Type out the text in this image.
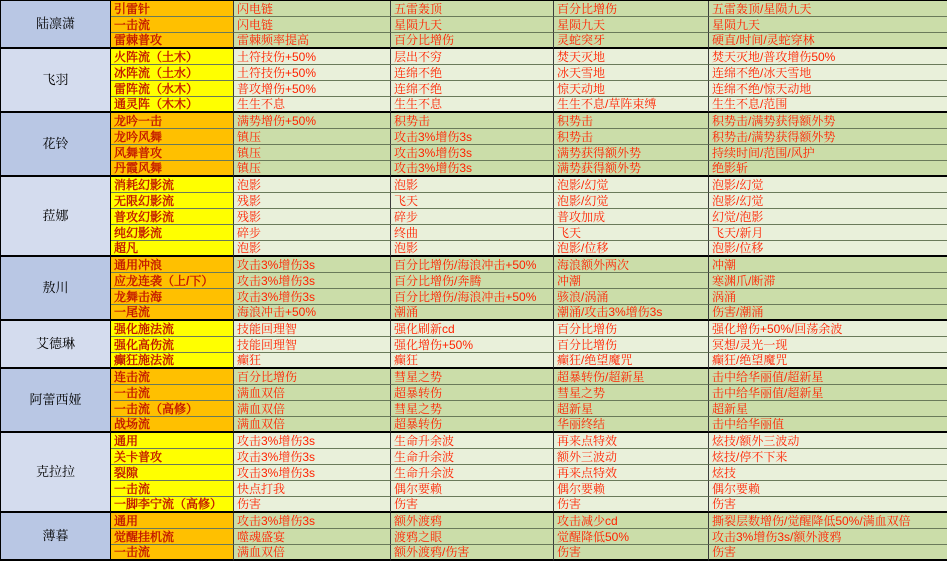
陆凛潇
引雷针	闪电链	五雷轰顶	百分比增伤	五雷轰顶/星陨九天
一击流	闪电链	星陨九天	星陨九天	星陨九天
雷棘普攻	雷棘频率提高	百分比增伤	灵蛇突牙	硬直/时间/灵蛇穿林
飞羽
火阵流（土木）	土符技伤+50%	层出不穷	焚天灭地	焚天灭地/普攻增伤50%
冰阵流（土水）	土符技伤+50%	连绵不绝	冰天雪地	连绵不绝/冰天雪地
雷阵流（水木）	普攻增伤+50%	连绵不绝	惊天动地	连绵不绝/惊天动地
通灵阵（木木）	生生不息	生生不息	生生不息/草阵束缚	生生不息/范围
花铃
龙吟一击	满势增伤+50%	积势击	积势击	积势击/满势获得额外势
龙吟风舞	镇压	攻击3%增伤3s	积势击	积势击/满势获得额外势
风舞普攻	镇压	攻击3%增伤3s	满势获得额外势	持续时间/范围/风护
丹霞风舞	镇压	攻击3%增伤3s	满势获得额外势	绝影斩
菈娜
消耗幻影流	泡影	泡影	泡影/幻觉	泡影/幻觉
无限幻影流	残影	飞天	泡影/幻觉	泡影/幻觉
普攻幻影流	残影	碎步	普攻加成	幻觉/泡影
纯幻影流	碎步	终曲	飞天	飞天/新月
超凡	泡影	泡影	泡影/位移	泡影/位移
敖川
通用冲浪	攻击3%增伤3s	百分比增伤/海浪冲击+50%	海浪额外两次	冲潮
应龙连袭（上/下）	攻击3%增伤3s	百分比增伤/奔腾	冲潮	寒渊爪/断滞
龙舞击海	攻击3%增伤3s	百分比增伤/海浪冲击+50%	骇浪/涡涌	涡涌
一尾流	海浪冲击+50%	潮涌	潮涌/攻击3%增伤3s	伤害/潮涌
艾德琳
强化施法流	技能回理智	强化刷新cd	百分比增伤	强化增伤+50%/回荡余波
强化高伤流	技能回理智	强化增伤+50%	百分比增伤	冥想/灵光一现
癫狂施法流	癫狂	癫狂	癫狂/绝望魔咒	癫狂/绝望魔咒
阿蕾西娅
连击流	百分比增伤	彗星之势	超暴转伤/超新星	击中给华丽值/超新星
一击流	满血双倍	超暴转伤	彗星之势	击中给华丽值/超新星
一击流（高修）	满血双倍	彗星之势	超新星	超新星
战场流	满血双倍	超暴转伤	华丽终结	击中给华丽值
克拉拉
通用	攻击3%增伤3s	生命升余波	再来点特效	炫技/额外三波动
关卡普攻	攻击3%增伤3s	生命升余波	额外三波动	炫技/停不下来
裂隙	攻击3%增伤3s	生命升余波	再来点特效	炫技
一击流	快点打我	偶尔要赖	偶尔要赖	偶尔要赖
一脚李宁流（高修）	伤害	伤害	伤害	伤害
薄暮
通用	攻击3%增伤3s	额外渡鸦	攻击减少cd	撕裂层数增伤/觉醒降低50%/满血双倍
觉醒挂机流	噬魂盛宴	渡鸦之眼	觉醒降低50%	攻击3%增伤3s/额外渡鸦
一击流	满血双倍	额外渡鸦/伤害	伤害	伤害
